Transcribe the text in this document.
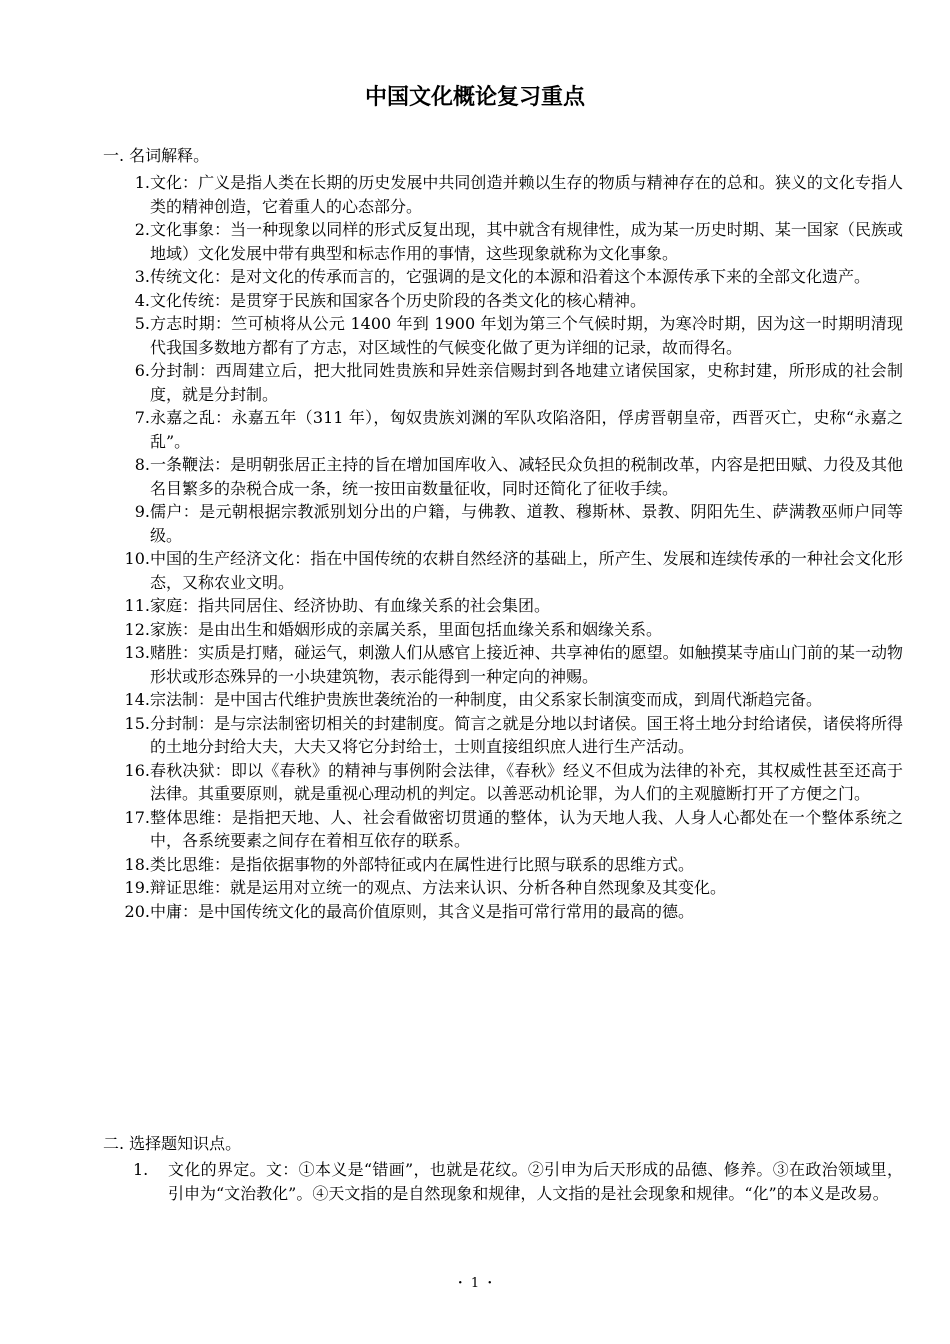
中国文化概论复习重点
一. 名词解释。
1. 文化：广义是指人类在长期的历史发展中共同创造并赖以生存的物质与精神存在的总和。狭义的文化专指人类的精神创造，它着重人的心态部分。
2. 文化事象：当一种现象以同样的形式反复出现，其中就含有规律性，成为某一历史时期、某一国家（民族或地域）文化发展中带有典型和标志作用的事情，这些现象就称为文化事象。
3. 传统文化：是对文化的传承而言的，它强调的是文化的本源和沿着这个本源传承下来的全部文化遗产。
4. 文化传统：是贯穿于民族和国家各个历史阶段的各类文化的核心精神。
5. 方志时期：竺可桢将从公元 1400 年到 1900 年划为第三个气候时期，为寒冷时期，因为这一时期明清现代我国多数地方都有了方志，对区域性的气候变化做了更为详细的记录，故而得名。
6. 分封制：西周建立后，把大批同姓贵族和异姓亲信赐封到各地建立诸侯国家，史称封建，所形成的社会制度，就是分封制。
7. 永嘉之乱：永嘉五年（311 年），匈奴贵族刘渊的军队攻陷洛阳，俘虏晋朝皇帝，西晋灭亡，史称“永嘉之乱”。
8. 一条鞭法：是明朝张居正主持的旨在增加国库收入、减轻民众负担的税制改革，内容是把田赋、力役及其他名目繁多的杂税合成一条，统一按田亩数量征收，同时还简化了征收手续。
9. 儒户：是元朝根据宗教派别划分出的户籍，与佛教、道教、穆斯林、景教、阴阳先生、萨满教巫师户同等级。
10. 中国的生产经济文化：指在中国传统的农耕自然经济的基础上，所产生、发展和连续传承的一种社会文化形态，又称农业文明。
11. 家庭：指共同居住、经济协助、有血缘关系的社会集团。
12. 家族：是由出生和婚姻形成的亲属关系，里面包括血缘关系和姻缘关系。
13. 赌胜：实质是打赌，碰运气，刺激人们从感官上接近神、共享神佑的愿望。如触摸某寺庙山门前的某一动物形状或形态殊异的一小块建筑物，表示能得到一种定向的神赐。
14. 宗法制：是中国古代维护贵族世袭统治的一种制度，由父系家长制演变而成，到周代渐趋完备。
15. 分封制：是与宗法制密切相关的封建制度。简言之就是分地以封诸侯。国王将土地分封给诸侯，诸侯将所得的土地分封给大夫，大夫又将它分封给士，士则直接组织庶人进行生产活动。
16. 春秋决狱：即以《春秋》的精神与事例附会法律，《春秋》经义不但成为法律的补充，其权威性甚至还高于法律。其重要原则，就是重视心理动机的判定。以善恶动机论罪，为人们的主观臆断打开了方便之门。
17. 整体思维：是指把天地、人、社会看做密切贯通的整体，认为天地人我、人身人心都处在一个整体系统之中，各系统要素之间存在着相互依存的联系。
18. 类比思维：是指依据事物的外部特征或内在属性进行比照与联系的思维方式。
19. 辩证思维：就是运用对立统一的观点、方法来认识、分析各种自然现象及其变化。
20. 中庸：是中国传统文化的最高价值原则，其含义是指可常行常用的最高的德。
二. 选择题知识点。
1. 文化的界定。文：①本义是“错画”，也就是花纹。②引申为后天形成的品德、修养。③在政治领域里，引申为“文治教化”。④天文指的是自然现象和规律，人文指的是社会现象和规律。“化”的本义是改易。
・ 1 ・
